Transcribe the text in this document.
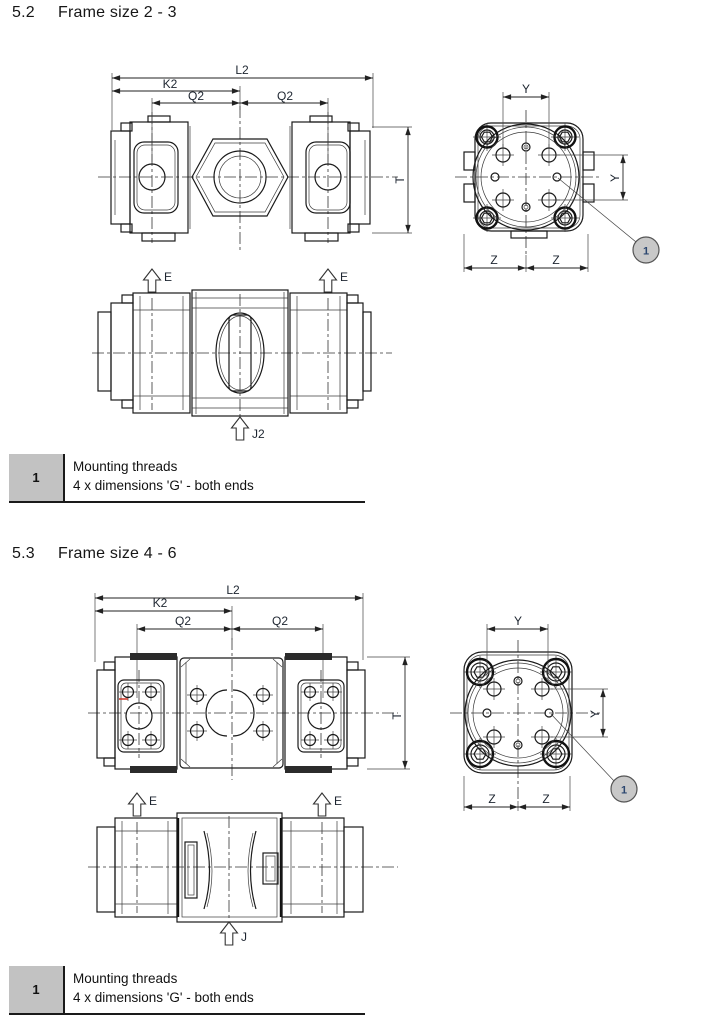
5.2	Frame size 2 - 3
L2
K2
Q2	Q2
T
Y
Y
Z	Z
1
E	E
J2
1
Mounting threads
4 x dimensions 'G' - both ends
5.3	Frame size 4 - 6
L2
K2
Q2	Q2
T
Y
Y
Z	Z
1
E	E
J
1
Mounting threads
4 x dimensions 'G' - both ends
